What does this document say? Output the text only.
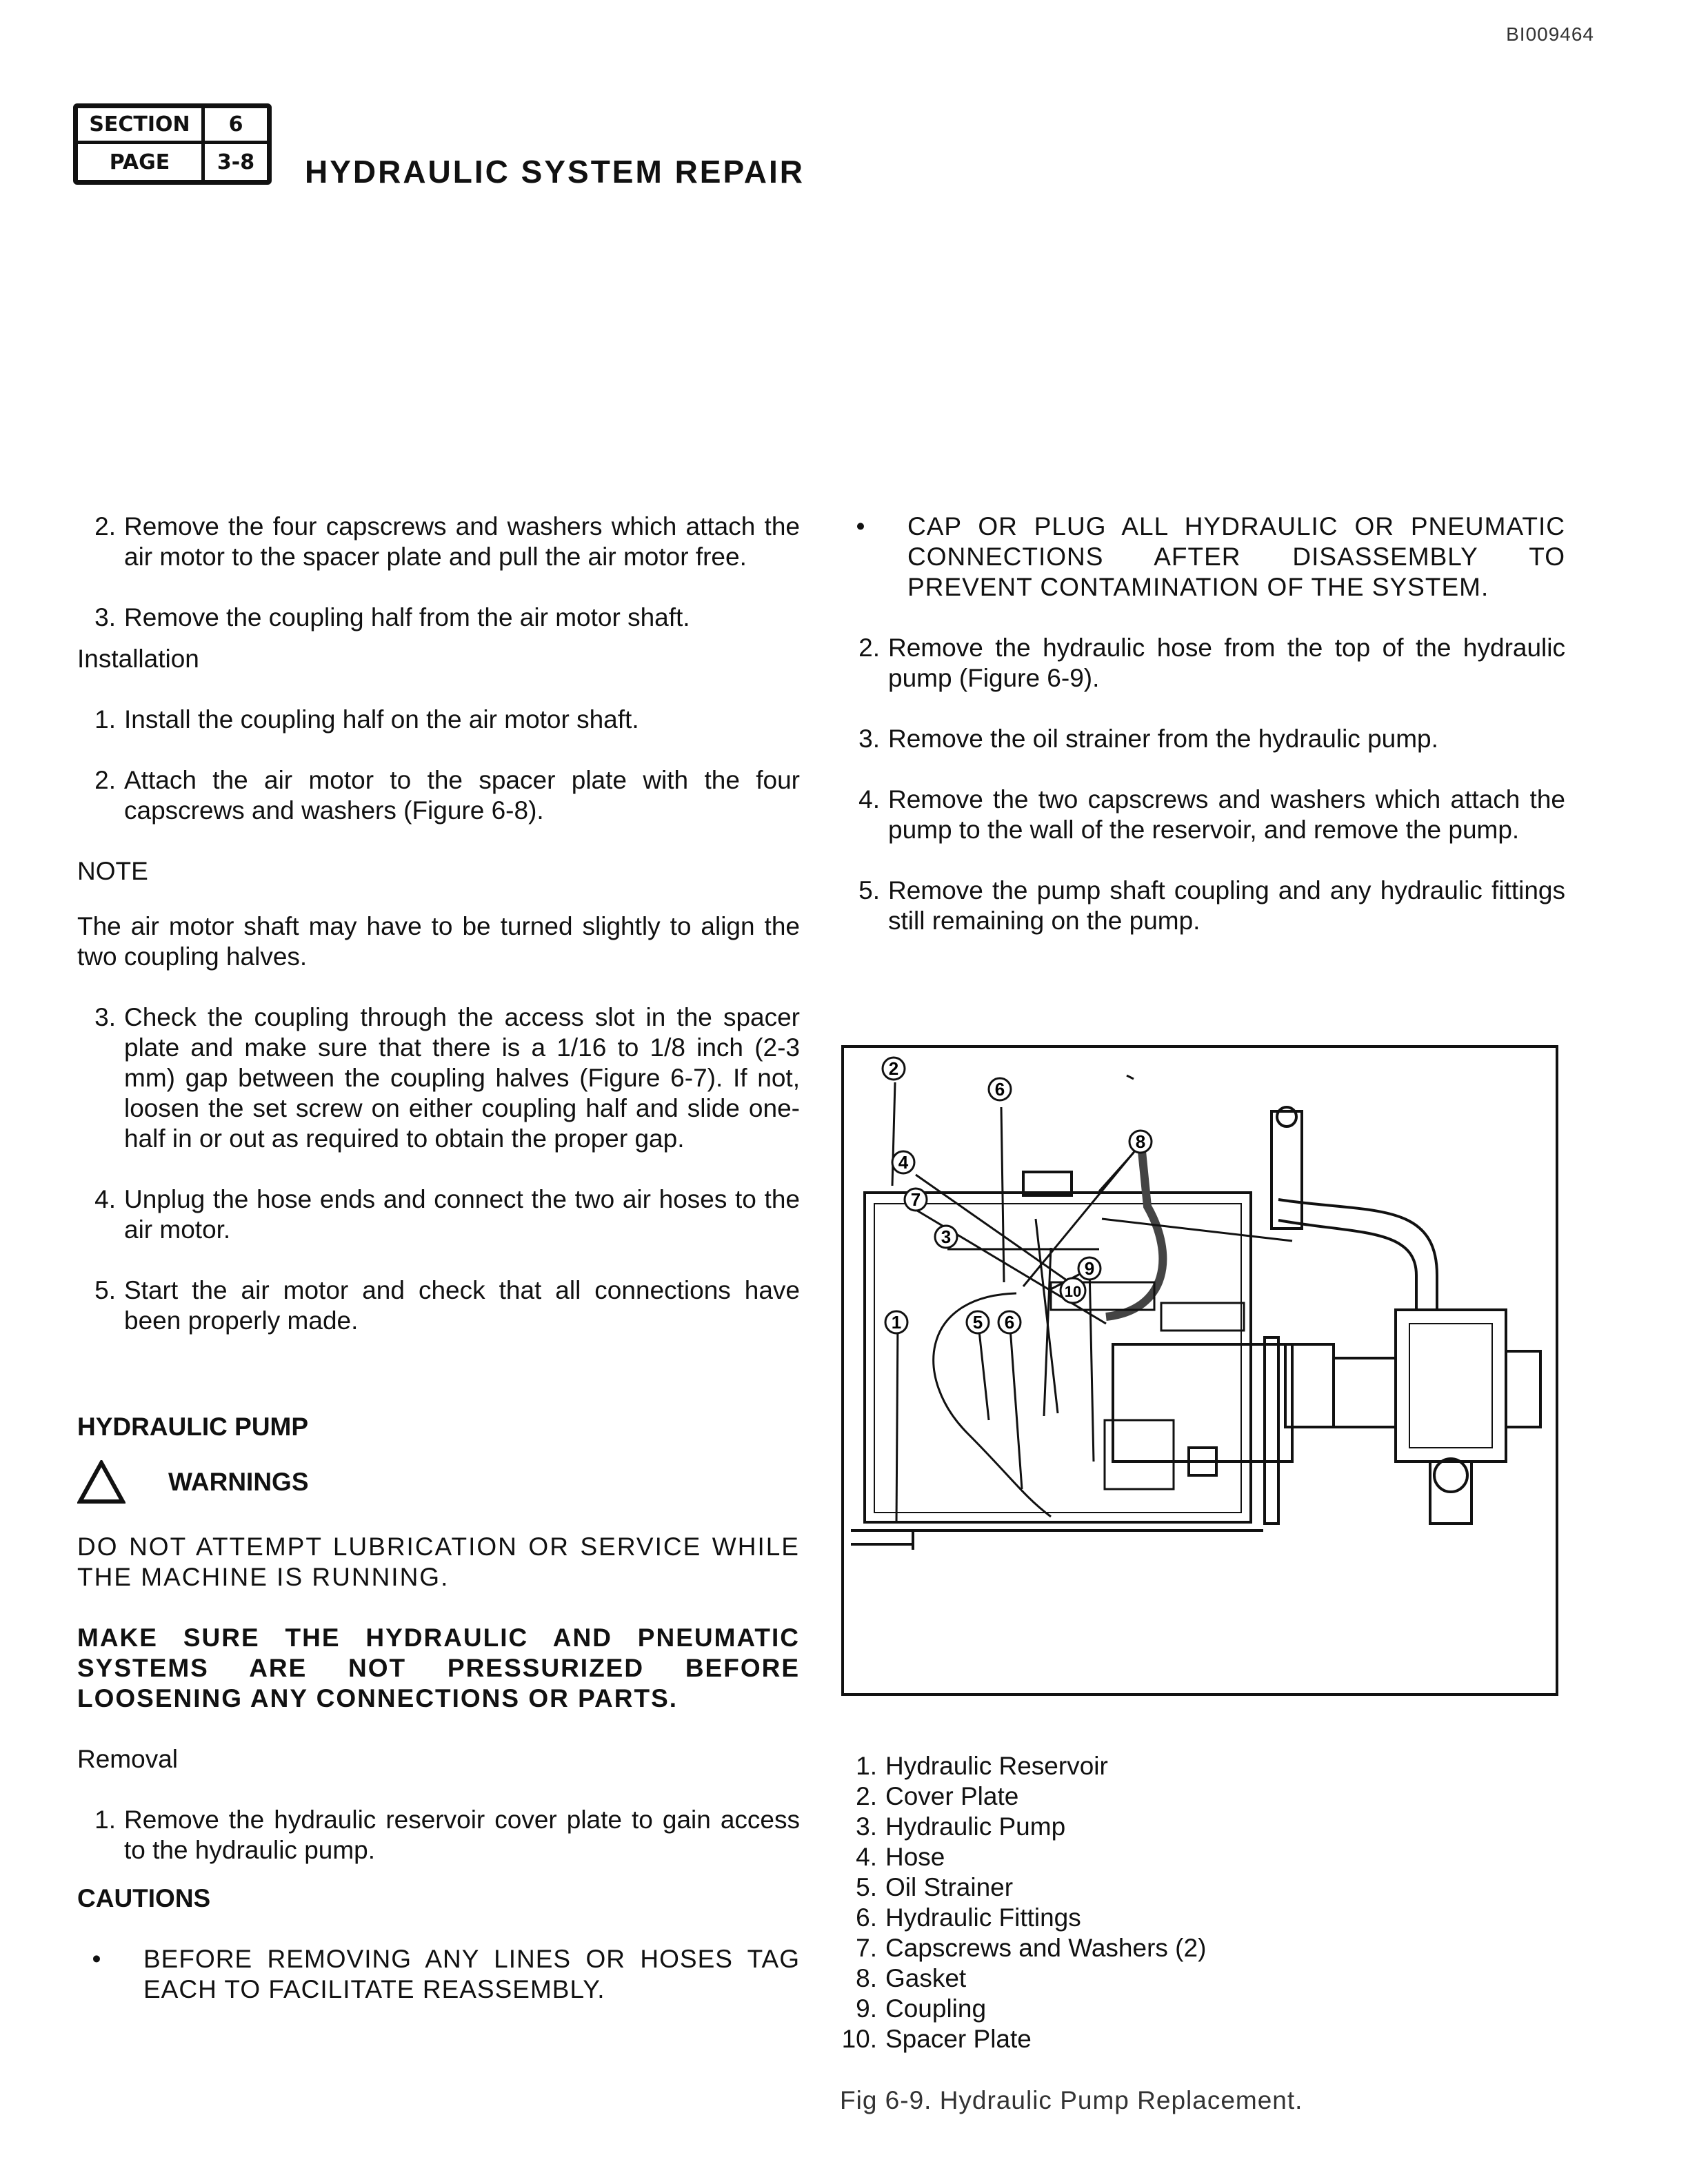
BI009464
SECTION	6
PAGE	3-8	HYDRAULIC SYSTEM REPAIR
2. Remove the four capscrews and washers which attach the air motor to the spacer plate and pull the air motor free.
3. Remove the coupling half from the air motor shaft.
Installation
1. Install the coupling half on the air motor shaft.
2. Attach the air motor to the spacer plate with the four capscrews and washers (Figure 6-8).
NOTE
The air motor shaft may have to be turned slightly to align the two coupling halves.
3. Check the coupling through the access slot in the spacer plate and make sure that there is a 1/16 to 1/8 inch (2-3 mm) gap between the coupling halves (Figure 6-7). If not, loosen the set screw on either coupling half and slide one-half in or out as required to obtain the proper gap.
4. Unplug the hose ends and connect the two air hoses to the air motor.
5. Start the air motor and check that all connections have been properly made.
HYDRAULIC PUMP
WARNINGS
DO NOT ATTEMPT LUBRICATION OR SERVICE WHILE THE MACHINE IS RUNNING.
MAKE SURE THE HYDRAULIC AND PNEUMATIC SYSTEMS ARE NOT PRESSURIZED BEFORE LOOSENING ANY CONNECTIONS OR PARTS.
Removal
1. Remove the hydraulic reservoir cover plate to gain access to the hydraulic pump.
CAUTIONS
•	BEFORE REMOVING ANY LINES OR HOSES TAG EACH TO FACILITATE REASSEMBLY.
•	CAP OR PLUG ALL HYDRAULIC OR PNEUMATIC CONNECTIONS AFTER DISASSEMBLY TO PREVENT CONTAMINATION OF THE SYSTEM.
2. Remove the hydraulic hose from the top of the hydraulic pump (Figure 6-9).
3. Remove the oil strainer from the hydraulic pump.
4. Remove the two capscrews and washers which attach the pump to the wall of the reservoir, and remove the pump.
5. Remove the pump shaft coupling and any hydraulic fittings still remaining on the pump.
2
6
8
4
7
3
9
10
1	5 6
1. Hydraulic Reservoir
2. Cover Plate
3. Hydraulic Pump
4. Hose
5. Oil Strainer
6. Hydraulic Fittings
7. Capscrews and Washers (2)
8. Gasket
9. Coupling
10. Spacer Plate
Fig 6-9. Hydraulic Pump Replacement.
